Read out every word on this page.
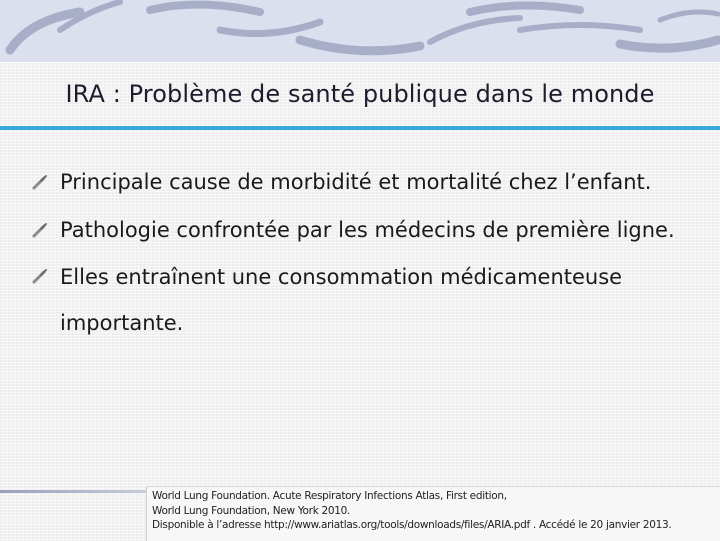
IRA : Problème de santé publique dans le monde
Principale cause de morbidité et mortalité chez l’enfant.
Pathologie confrontée par les médecins de première ligne.
Elles entraînent une consommation médicamenteuse importante.
World Lung Foundation. Acute Respiratory Infections Atlas, First edition,
World Lung Foundation, New York 2010.
Disponible à l’adresse http://www.ariatlas.org/tools/downloads/files/ARIA.pdf . Accédé le 20 janvier 2013.
